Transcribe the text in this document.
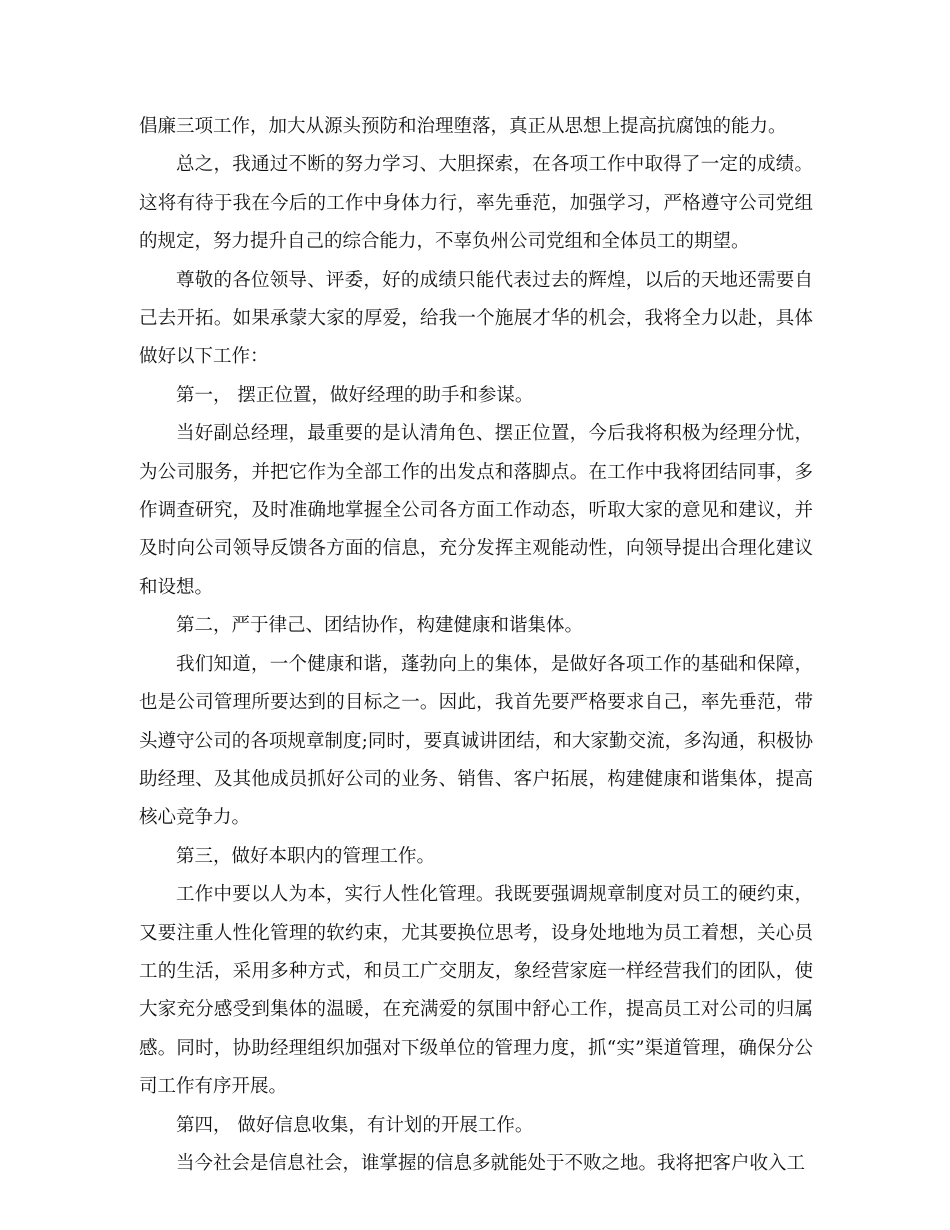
倡廉三项工作，加大从源头预防和治理堕落，真正从思想上提高抗腐蚀的能力。

总之，我通过不断的努力学习、大胆探索，在各项工作中取得了一定的成绩。这将有待于我在今后的工作中身体力行，率先垂范，加强学习，严格遵守公司党组的规定，努力提升自己的综合能力，不辜负州公司党组和全体员工的期望。

尊敬的各位领导、评委，好的成绩只能代表过去的辉煌，以后的天地还需要自己去开拓。如果承蒙大家的厚爱，给我一个施展才华的机会，我将全力以赴，具体做好以下工作：

第一， 摆正位置，做好经理的助手和参谋。

当好副总经理，最重要的是认清角色、摆正位置，今后我将积极为经理分忧，为公司服务，并把它作为全部工作的出发点和落脚点。在工作中我将团结同事，多作调查研究，及时准确地掌握全公司各方面工作动态，听取大家的意见和建议，并及时向公司领导反馈各方面的信息，充分发挥主观能动性，向领导提出合理化建议和设想。

第二，严于律己、团结协作，构建健康和谐集体。

我们知道，一个健康和谐，蓬勃向上的集体，是做好各项工作的基础和保障，也是公司管理所要达到的目标之一。因此，我首先要严格要求自己，率先垂范，带头遵守公司的各项规章制度;同时，要真诚讲团结，和大家勤交流，多沟通，积极协助经理、及其他成员抓好公司的业务、销售、客户拓展，构建健康和谐集体，提高核心竞争力。

第三，做好本职内的管理工作。

工作中要以人为本，实行人性化管理。我既要强调规章制度对员工的硬约束，又要注重人性化管理的软约束，尤其要换位思考，设身处地地为员工着想，关心员工的生活，采用多种方式，和员工广交朋友，象经营家庭一样经营我们的团队，使大家充分感受到集体的温暖，在充满爱的氛围中舒心工作，提高员工对公司的归属感。同时，协助经理组织加强对下级单位的管理力度，抓“实”渠道管理，确保分公司工作有序开展。

第四， 做好信息收集，有计划的开展工作。

当今社会是信息社会，谁掌握的信息多就能处于不败之地。我将把客户收入工
